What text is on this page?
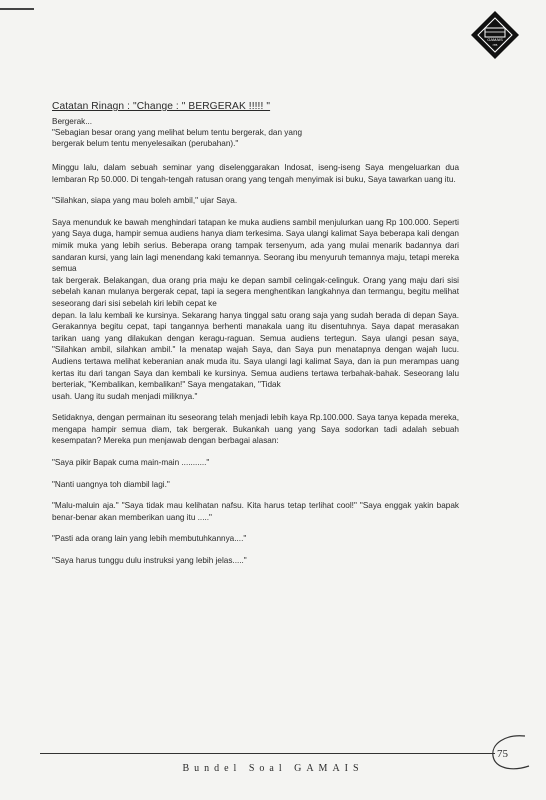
GAMAIS
ITB
Catatan Rinagn : "Change : " BERGERAK !!!!! "
Bergerak...
"Sebagian besar orang yang melihat belum tentu bergerak, dan yang
bergerak belum tentu menyelesaikan (perubahan)."

Minggu lalu, dalam sebuah seminar yang diselenggarakan Indosat, iseng-iseng Saya mengeluarkan dua lembaran Rp 50.000. Di tengah-tengah ratusan orang yang tengah menyimak isi buku, Saya tawarkan uang itu.

"Silahkan, siapa yang mau boleh ambil," ujar Saya.

Saya menunduk ke bawah menghindari tatapan ke muka audiens sambil menjulurkan uang Rp 100.000. Seperti yang Saya duga, hampir semua audiens hanya diam terkesima. Saya ulangi kalimat Saya beberapa kali dengan mimik muka yang lebih serius. Beberapa orang tampak tersenyum, ada yang mulai menarik badannya dari sandaran kursi, yang lain lagi menendang kaki temannya. Seorang ibu menyuruh temannya maju, tetapi mereka semua

tak bergerak. Belakangan, dua orang pria maju ke depan sambil celingak-celinguk. Orang yang maju dari sisi sebelah kanan mulanya bergerak cepat, tapi ia segera menghentikan langkahnya dan termangu, begitu melihat seseorang dari sisi sebelah kiri lebih cepat ke

depan. Ia lalu kembali ke kursinya. Sekarang hanya tinggal satu orang saja yang sudah berada di depan Saya. Gerakannya begitu cepat, tapi tangannya berhenti manakala uang itu disentuhnya. Saya dapat merasakan tarikan uang yang dilakukan dengan keragu-raguan. Semua audiens tertegun. Saya ulangi pesan saya, "Silahkan ambil, silahkan ambil." Ia menatap wajah Saya, dan Saya pun menatapnya dengan wajah lucu. Audiens tertawa melihat keberanian anak muda itu. Saya ulangi lagi kalimat Saya, dan ia pun merampas uang kertas itu dari tangan Saya dan kembali ke kursinya. Semua audiens tertawa terbahak-bahak. Seseorang lalu berteriak, "Kembalikan, kembalikan!" Saya mengatakan, "Tidak

usah. Uang itu sudah menjadi miliknya."

Setidaknya, dengan permainan itu seseorang telah menjadi lebih kaya Rp.100.000. Saya tanya kepada mereka, mengapa hampir semua diam, tak bergerak. Bukankah uang yang Saya sodorkan tadi adalah sebuah kesempatan? Mereka pun menjawab dengan berbagai alasan:

"Saya pikir Bapak cuma main-main ..........."

"Nanti uangnya toh diambil lagi."

"Malu-maluin aja." "Saya tidak mau kelihatan nafsu. Kita harus tetap terlihat cool!" "Saya enggak yakin bapak benar-benar akan memberikan uang itu ....."

"Pasti ada orang lain yang lebih membutuhkannya...."

"Saya harus tunggu dulu instruksi yang lebih jelas....."

75
Bundel Soal GAMAIS
